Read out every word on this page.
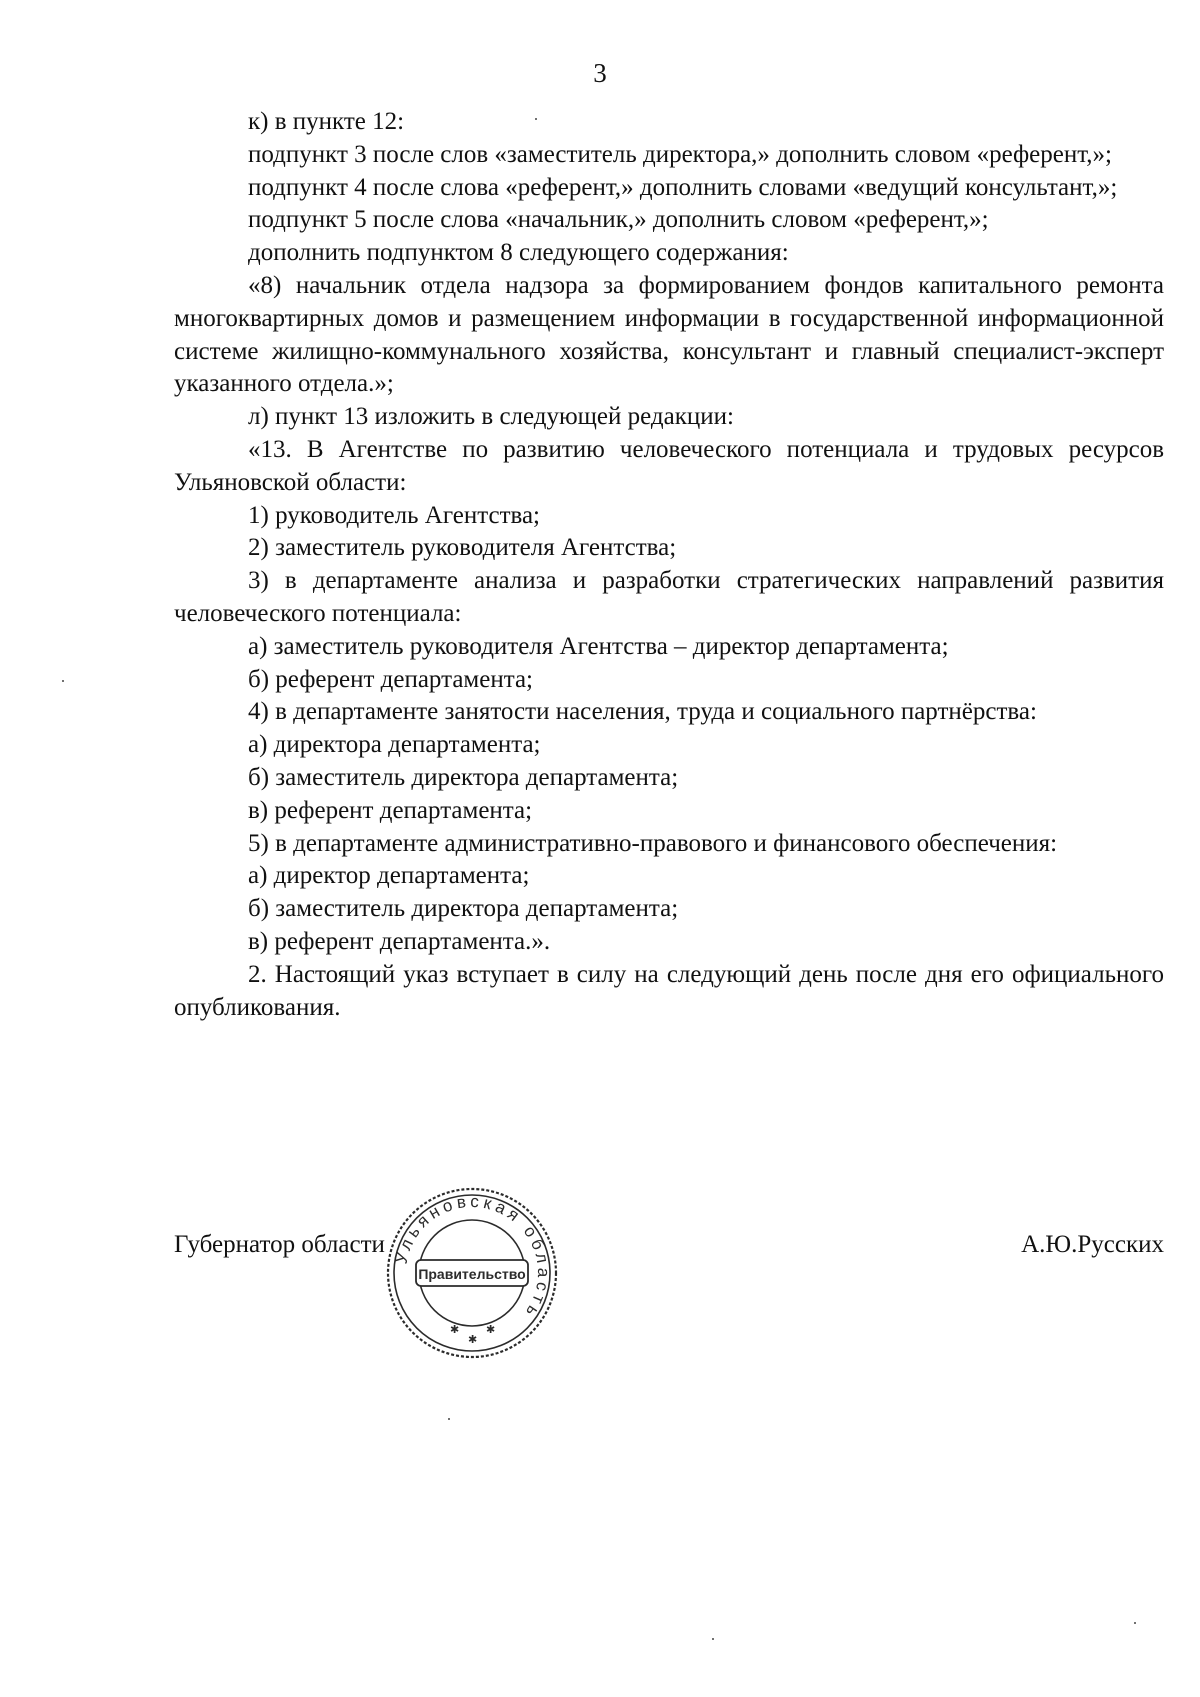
3

к) в пункте 12:

подпункт 3 после слов «заместитель директора,» дополнить словом «референт,»;

подпункт 4 после слова «референт,» дополнить словами «ведущий консультант,»;

подпункт 5 после слова «начальник,» дополнить словом «референт,»;

дополнить подпунктом 8 следующего содержания:

«8) начальник отдела надзора за формированием фондов капитального ремонта многоквартирных домов и размещением информации в государственной информационной системе жилищно-коммунального хозяйства, консультант и главный специалист-эксперт указанного отдела.»;

л) пункт 13 изложить в следующей редакции:

«13. В Агентстве по развитию человеческого потенциала и трудовых ресурсов Ульяновской области:

1) руководитель Агентства;

2) заместитель руководителя Агентства;

3) в департаменте анализа и разработки стратегических направлений развития человеческого потенциала:

а) заместитель руководителя Агентства – директор департамента;

б) референт департамента;

4) в департаменте занятости населения, труда и социального партнёрства:

а) директора департамента;

б) заместитель директора департамента;

в) референт департамента;

5) в департаменте административно-правового и финансового обеспечения:

а) директор департамента;

б) заместитель директора департамента;

в) референт департамента.».

2. Настоящий указ вступает в силу на следующий день после дня его официального опубликования.

Губернатор области	А.Ю.Русских
Ульяновская область
Правительство
✱ ✱
✱
